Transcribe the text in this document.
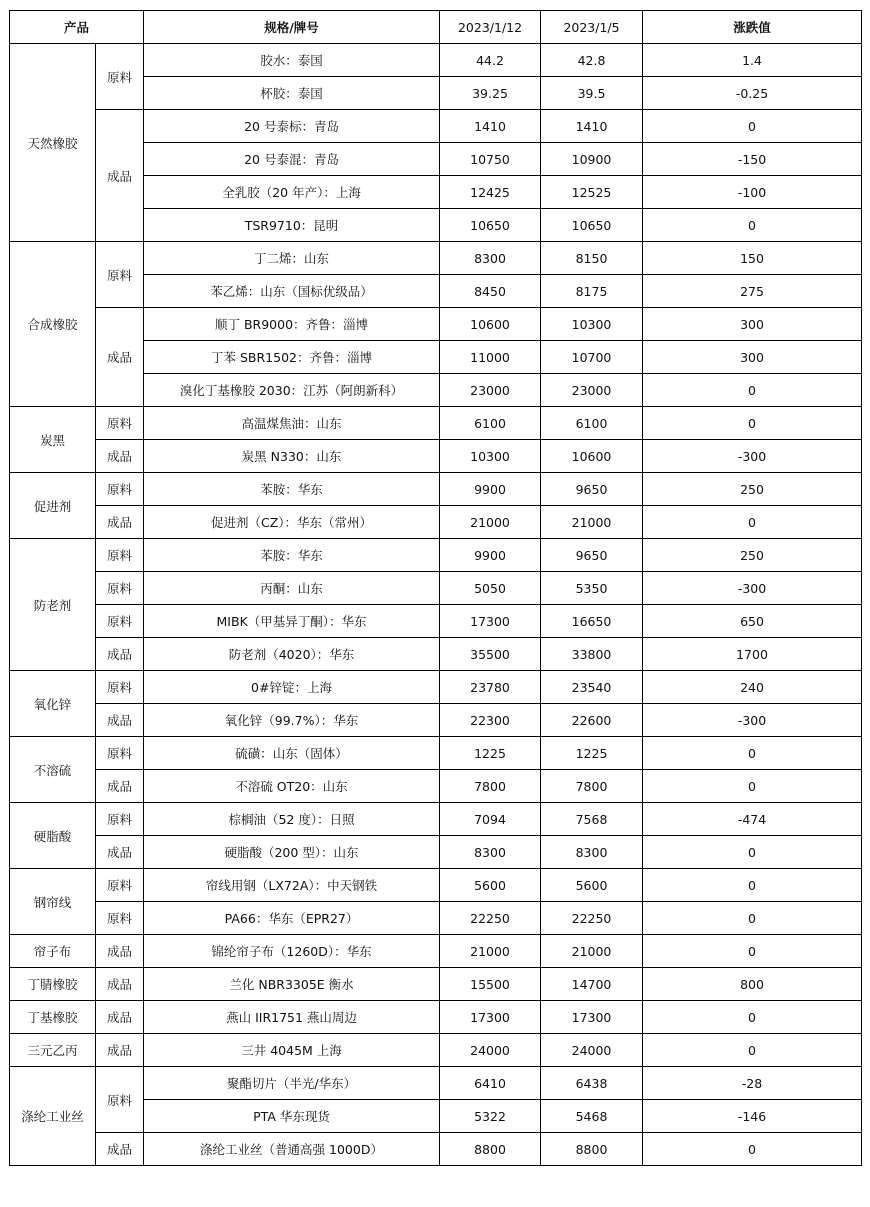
产品		规格/牌号	2023/1/12	2023/1/5	涨跌值
天然橡胶	原料	胶水：泰国	44.2	42.8	1.4
		杯胶：泰国	39.25	39.5	-0.25
	成品	20 号泰标：青岛	1410	1410	0
		20 号泰混：青岛	10750	10900	-150
		全乳胶（20 年产）：上海	12425	12525	-100
		TSR9710：昆明	10650	10650	0
合成橡胶	原料	丁二烯：山东	8300	8150	150
		苯乙烯：山东（国标优级品）	8450	8175	275
	成品	顺丁 BR9000：齐鲁：淄博	10600	10300	300
		丁苯 SBR1502：齐鲁：淄博	11000	10700	300
		溴化丁基橡胶 2030：江苏（阿朗新科）	23000	23000	0
炭黑	原料	高温煤焦油：山东	6100	6100	0
	成品	炭黑 N330：山东	10300	10600	-300
促进剂	原料	苯胺：华东	9900	9650	250
	成品	促进剂（CZ）：华东（常州）	21000	21000	0
防老剂	原料	苯胺：华东	9900	9650	250
	原料	丙酮：山东	5050	5350	-300
	原料	MIBK（甲基异丁酮）：华东	17300	16650	650
	成品	防老剂（4020）：华东	35500	33800	1700
氧化锌	原料	0#锌锭：上海	23780	23540	240
	成品	氧化锌（99.7%）：华东	22300	22600	-300
不溶硫	原料	硫磺：山东（固体）	1225	1225	0
	成品	不溶硫 OT20：山东	7800	7800	0
硬脂酸	原料	棕榈油（52 度）：日照	7094	7568	-474
	成品	硬脂酸（200 型）：山东	8300	8300	0
钢帘线	原料	帘线用钢（LX72A）：中天钢铁	5600	5600	0
	原料	PA66：华东（EPR27）	22250	22250	0
帘子布	成品	锦纶帘子布（1260D）：华东	21000	21000	0
丁腈橡胶	成品	兰化 NBR3305E 衡水	15500	14700	800
丁基橡胶	成品	燕山 IIR1751 燕山周边	17300	17300	0
三元乙丙	成品	三井 4045M 上海	24000	24000	0
涤纶工业丝	原料	聚酯切片（半光/华东）	6410	6438	-28
		PTA 华东现货	5322	5468	-146
	成品	涤纶工业丝（普通高强 1000D）	8800	8800	0
